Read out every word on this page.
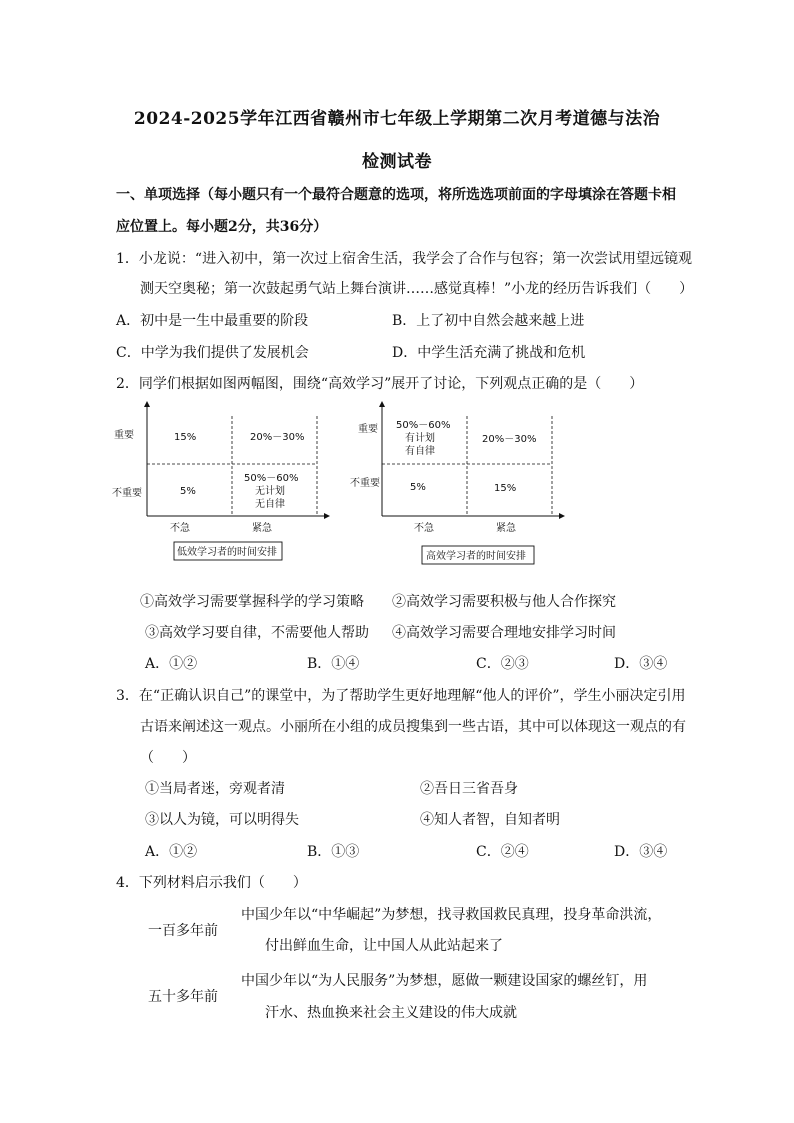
2024-2025学年江西省赣州市七年级上学期第二次月考道德与法治
检测试卷
一、单项选择（每小题只有一个最符合题意的选项，将所选选项前面的字母填涂在答题卡相
应位置上。每小题2分，共36分）
1．小龙说：“进入初中，第一次过上宿舍生活，我学会了合作与包容；第一次尝试用望远镜观
测天空奥秘；第一次鼓起勇气站上舞台演讲……感觉真棒！”小龙的经历告诉我们（　　）
A．初中是一生中最重要的阶段	B．上了初中自然会越来越上进
C．中学为我们提供了发展机会	D．中学生活充满了挑战和危机
2．同学们根据如图两幅图，围绕“高效学习”展开了讨论，下列观点正确的是（　　）
重要
不重要
不急	紧急
15%	20%－30%
5%
50%－60%
无计划
无自律
低效学习者的时间安排
重要
不重要
不急	紧急
50%－60%
有计划
有自律
20%－30%
5%	15%
高效学习者的时间安排
①高效学习需要掌握科学的学习策略 ②高效学习需要积极与他人合作探究
③高效学习要自律，不需要他人帮助 ④高效学习需要合理地安排学习时间
A．①②	B．①④	C．②③	D．③④
3．在“正确认识自己”的课堂中，为了帮助学生更好地理解“他人的评价”，学生小丽决定引用
古语来阐述这一观点。小丽所在小组的成员搜集到一些古语，其中可以体现这一观点的有
（　　）
①当局者迷，旁观者清	②吾日三省吾身
③以人为镜，可以明得失	④知人者智，自知者明
A．①②	B．①③	C．②④	D．③④
4．下列材料启示我们（　　）
一百多年前
中国少年以“中华崛起”为梦想，找寻救国救民真理，投身革命洪流，
付出鲜血生命，让中国人从此站起来了
五十多年前
中国少年以“为人民服务”为梦想，愿做一颗建设国家的螺丝钉，用
汗水、热血换来社会主义建设的伟大成就
